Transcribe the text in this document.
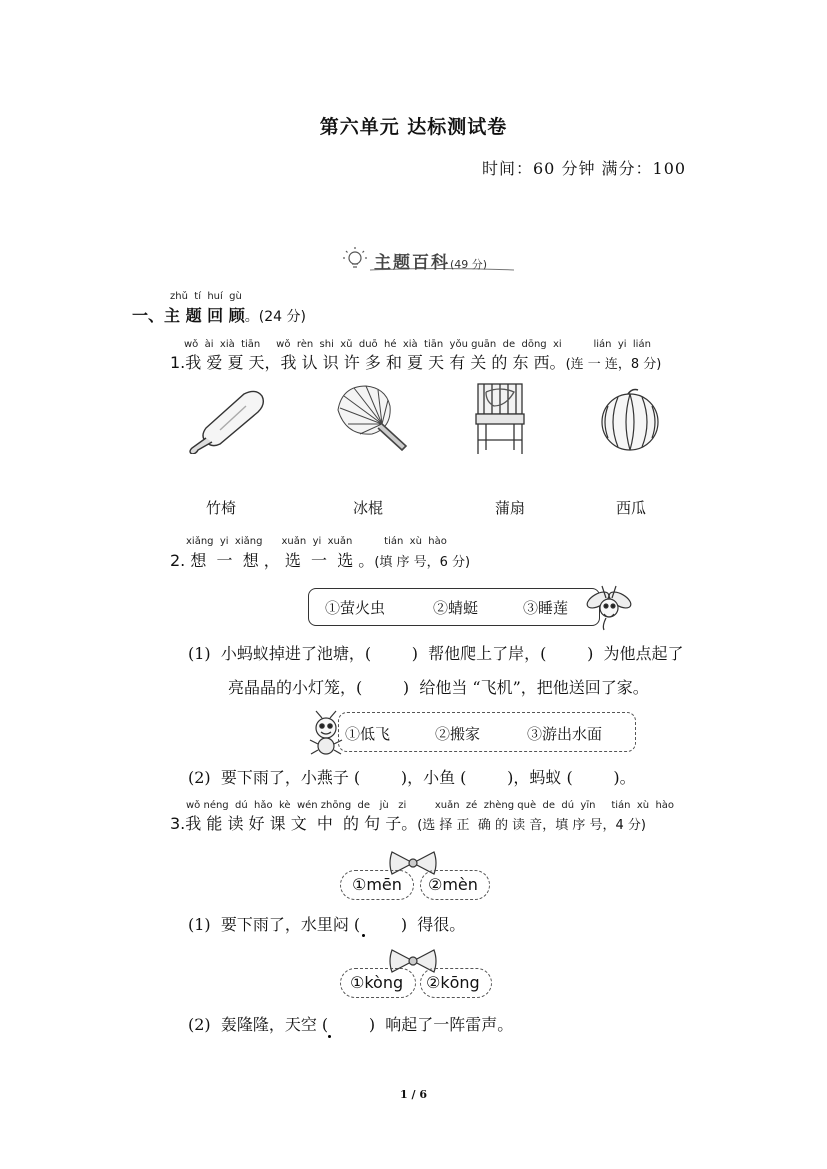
第六单元 达标测试卷
时间：60 分钟 满分：100
主题百科(49 分)
zhǔ  tí  huí  gù
一、主 题 回 顾。(24 分)
wǒ  ài  xià  tiān     wǒ  rèn  shi  xǔ  duō  hé  xià  tiān  yǒu guān  de  dōng  xi          lián  yi  lián
1.我 爱 夏 天，我 认 识 许 多 和 夏 天 有 关 的 东 西。(连 一 连，8 分)
竹椅	冰棍	蒲扇	西瓜
xiǎng  yi  xiǎng      xuǎn  yi  xuǎn          tián  xù  hào
2. 想  一  想 ， 选  一  选 。(填 序 号，6 分)
①萤火虫	②蜻蜓	③睡莲
(1)  小蚂蚁掉进了池塘，(        )  帮他爬上了岸，(        )  为他点起了
亮晶晶的小灯笼，(        )  给他当 “飞机”，把他送回了家。
①低飞	②搬家	③游出水面
(2)  要下雨了，小燕子 (        )，小鱼 (        )，蚂蚁 (        )。
wǒ néng  dú  hǎo  kè  wén zhōng  de   jù   zi         xuǎn  zé  zhèng què  de  dú  yīn     tián  xù  hào
3.我 能 读 好 课 文  中  的 句 子。(选 择 正  确 的 读 音，填 序 号，4 分)
①mēn ②mèn
(1)  要下雨了，水里闷 (        )  得很。
①kòng ②kōng
(2)  轰隆隆，天空 (        )  响起了一阵雷声。
1 / 6
